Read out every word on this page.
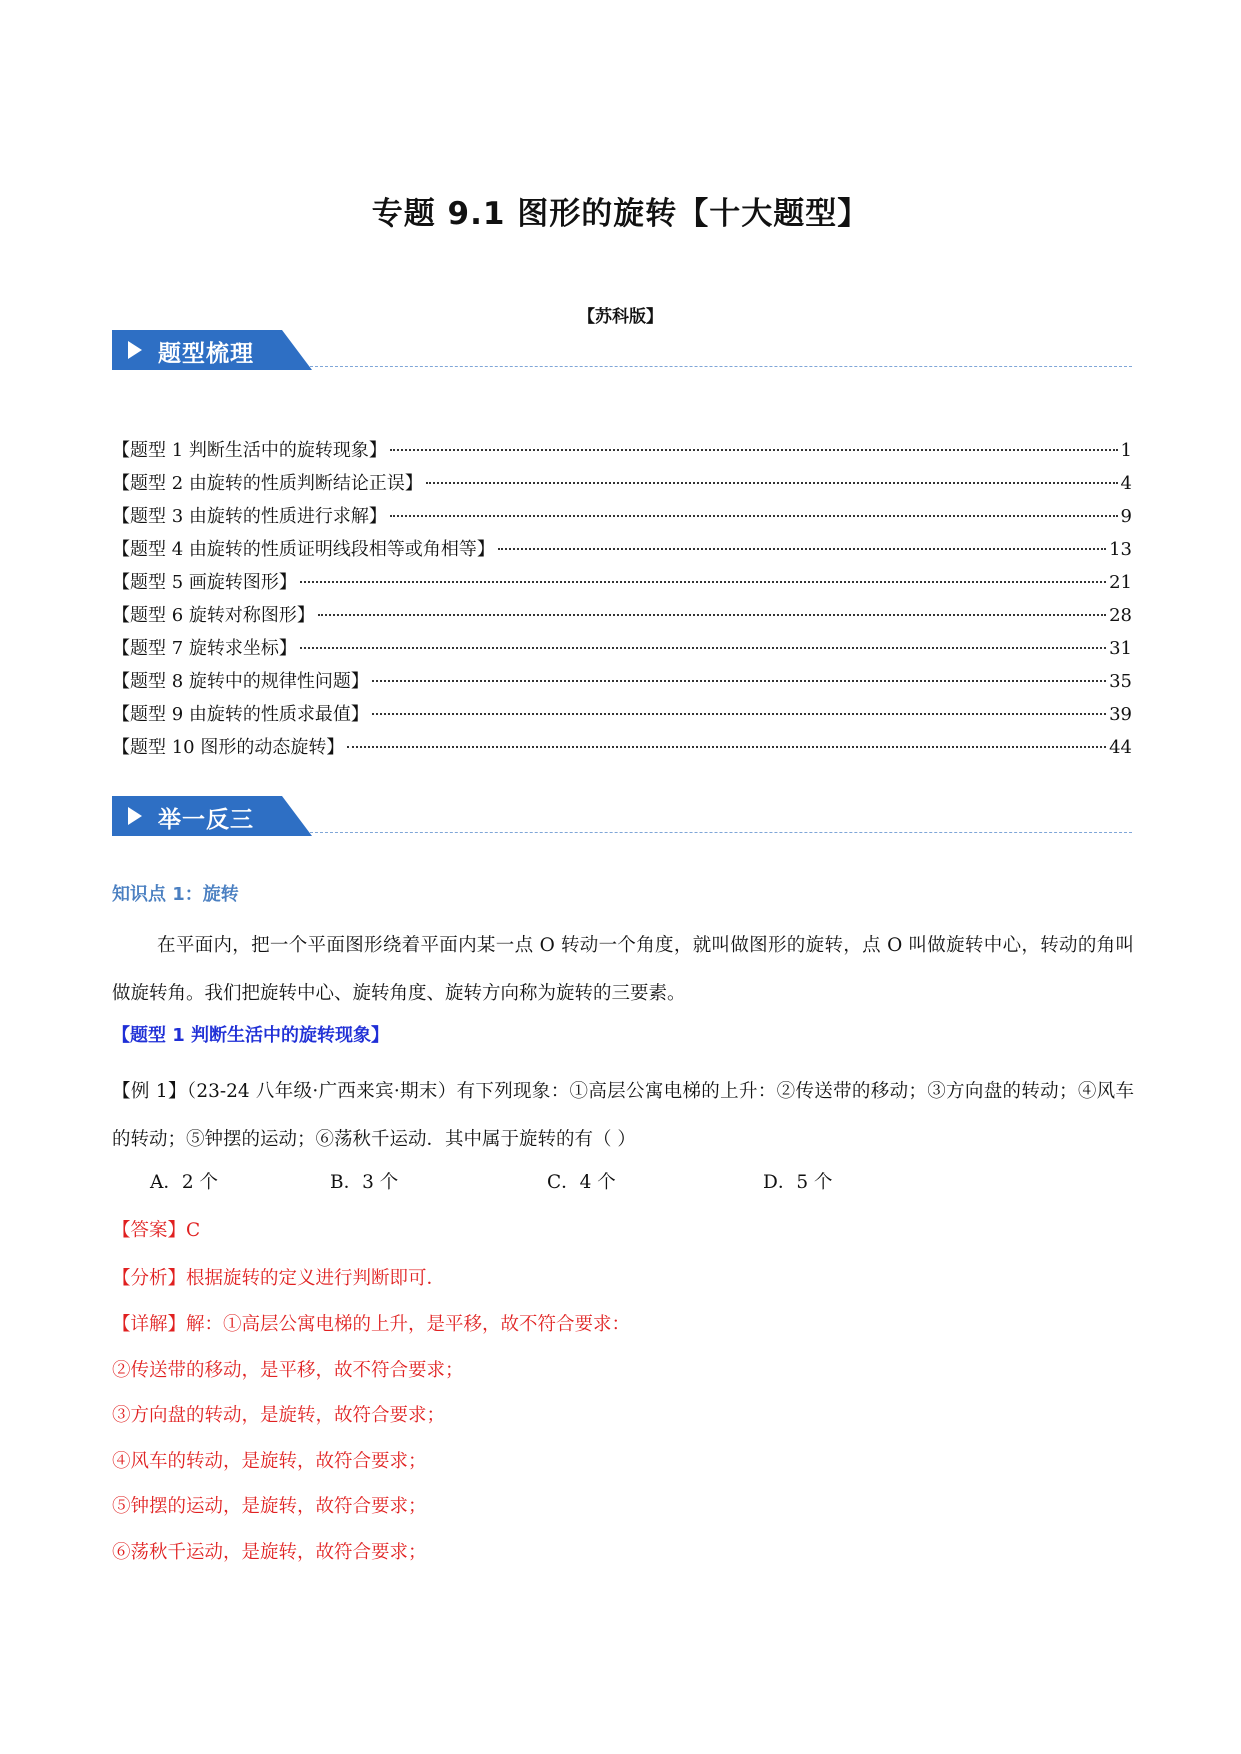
专题 9.1 图形的旋转【十大题型】
【苏科版】
题型梳理
【题型 1 判断生活中的旋转现象】	1
【题型 2 由旋转的性质判断结论正误】	4
【题型 3 由旋转的性质进行求解】	9
【题型 4 由旋转的性质证明线段相等或角相等】	13
【题型 5 画旋转图形】	21
【题型 6 旋转对称图形】	28
【题型 7 旋转求坐标】	31
【题型 8 旋转中的规律性问题】	35
【题型 9 由旋转的性质求最值】	39
【题型 10 图形的动态旋转】	44
举一反三
知识点 1：旋转
在平面内，把一个平面图形绕着平面内某一点 O 转动一个角度，就叫做图形的旋转，点 O 叫做旋转中心，转动的角叫做旋转角。我们把旋转中心、旋转角度、旋转方向称为旋转的三要素。
【题型 1 判断生活中的旋转现象】
【例 1】（23-24 八年级·广西来宾·期末）有下列现象：①高层公寓电梯的上升：②传送带的移动；③方向盘的转动；④风车的转动；⑤钟摆的运动；⑥荡秋千运动．其中属于旋转的有（ ）
A．2 个	B．3 个	C．4 个	D．5 个
【答案】C
【分析】根据旋转的定义进行判断即可．
【详解】解：①高层公寓电梯的上升，是平移，故不符合要求：
②传送带的移动，是平移，故不符合要求；
③方向盘的转动，是旋转，故符合要求；
④风车的转动，是旋转，故符合要求；
⑤钟摆的运动，是旋转，故符合要求；
⑥荡秋千运动，是旋转，故符合要求；
